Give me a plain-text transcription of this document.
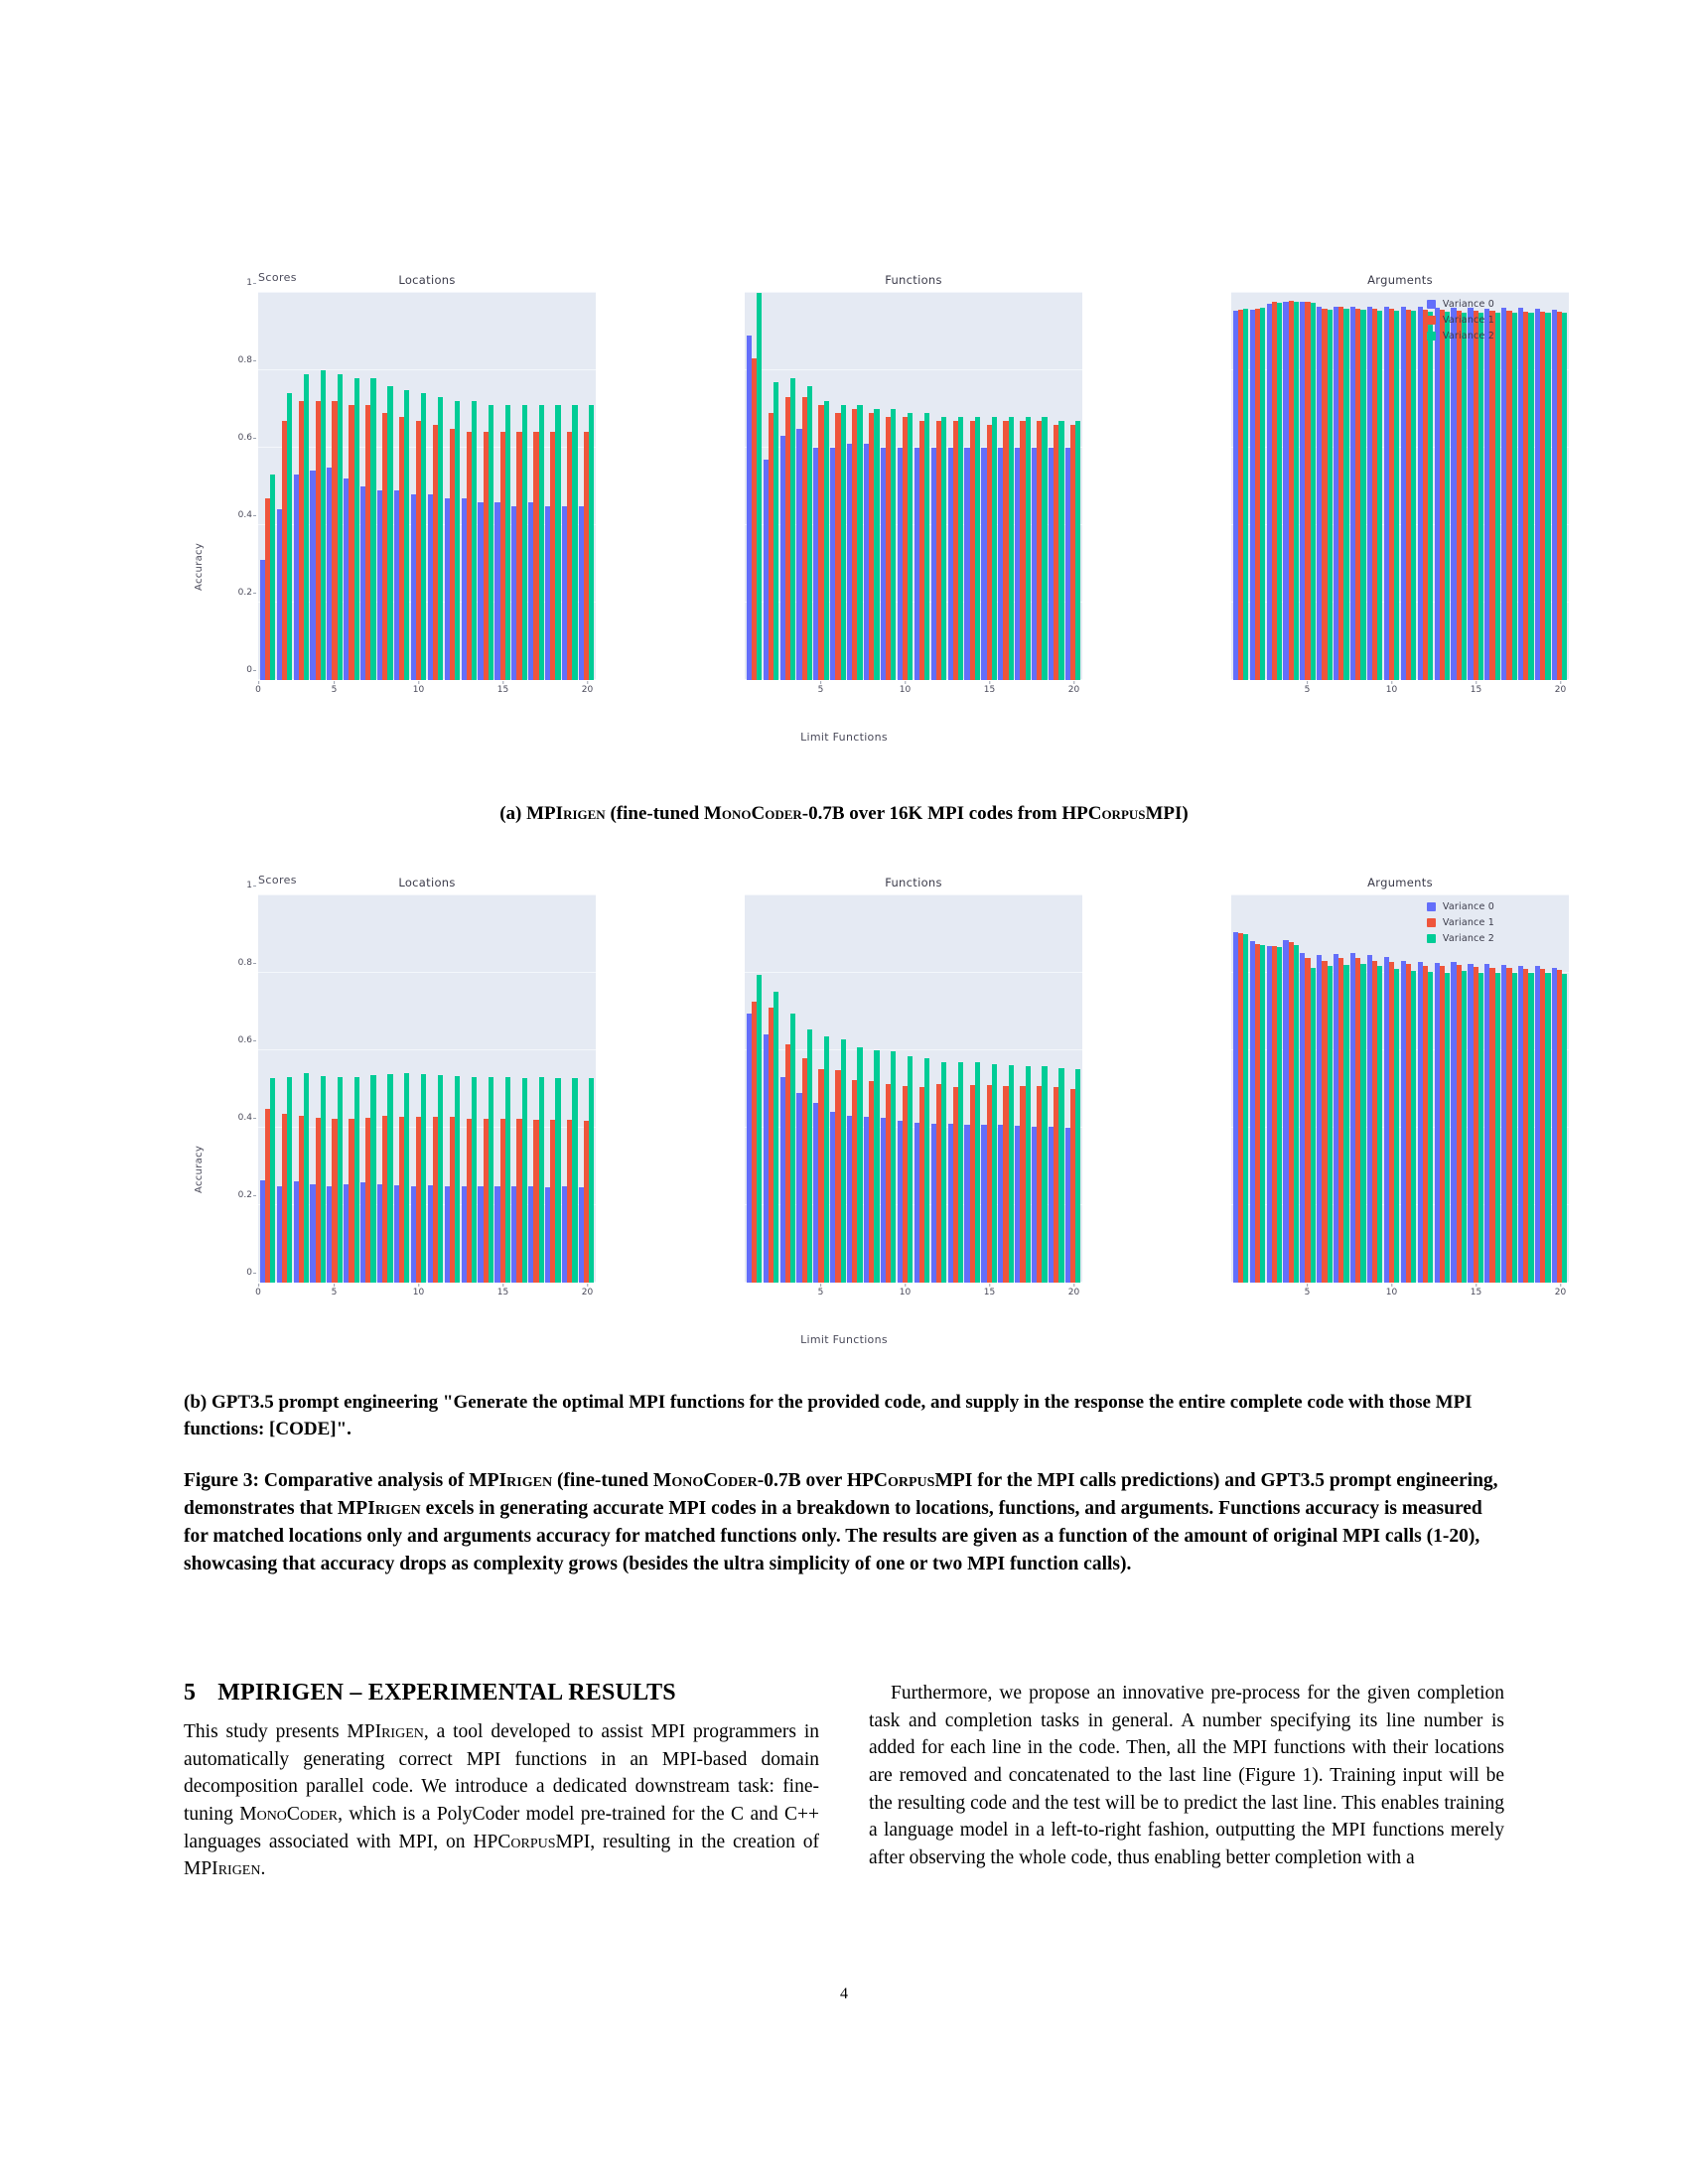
Scores
Accuracy
Locations
1
0.8
0.6
0.4
0.2
0
5	10	15	20
0
Functions
5	10	15	20
Arguments
5	10	15	20
Variance 0
Variance 1
Variance 2
Limit Functions
(a) MPIrigen (fine-tuned MonoCoder-0.7B over 16K MPI codes from HPCorpusMPI)
Scores
Accuracy
Locations
1
0.8
0.6
0.4
0.2
0
5	10	15	20
0
Functions
5	10	15	20
Arguments
5	10	15	20
Variance 0
Variance 1
Variance 2
Limit Functions
(b) GPT3.5 prompt engineering "Generate the optimal MPI functions for the provided code, and supply in the response the entire complete code with those MPI functions: [CODE]".
Figure 3: Comparative analysis of MPIrigen (fine-tuned MonoCoder-0.7B over HPCorpusMPI for the MPI calls predictions) and GPT3.5 prompt engineering, demonstrates that MPIrigen excels in generating accurate MPI codes in a breakdown to locations, functions, and arguments. Functions accuracy is measured for matched locations only and arguments accuracy for matched functions only. The results are given as a function of the amount of original MPI calls (1-20), showcasing that accuracy drops as complexity grows (besides the ultra simplicity of one or two MPI function calls).
5 MPIRIGEN – EXPERIMENTAL RESULTS

This study presents MPIrigen, a tool developed to assist MPI programmers in automatically generating correct MPI functions in an MPI-based domain decomposition parallel code. We introduce a dedicated downstream task: fine-tuning MonoCoder, which is a PolyCoder model pre-trained for the C and C++ languages associated with MPI, on HPCorpusMPI, resulting in the creation of MPIrigen.

Furthermore, we propose an innovative pre-process for the given completion task and completion tasks in general. A number specifying its line number is added for each line in the code. Then, all the MPI functions with their locations are removed and concatenated to the last line (Figure 1). Training input will be the resulting code and the test will be to predict the last line. This enables training a language model in a left-to-right fashion, outputting the MPI functions merely after observing the whole code, thus enabling better completion with a

4
